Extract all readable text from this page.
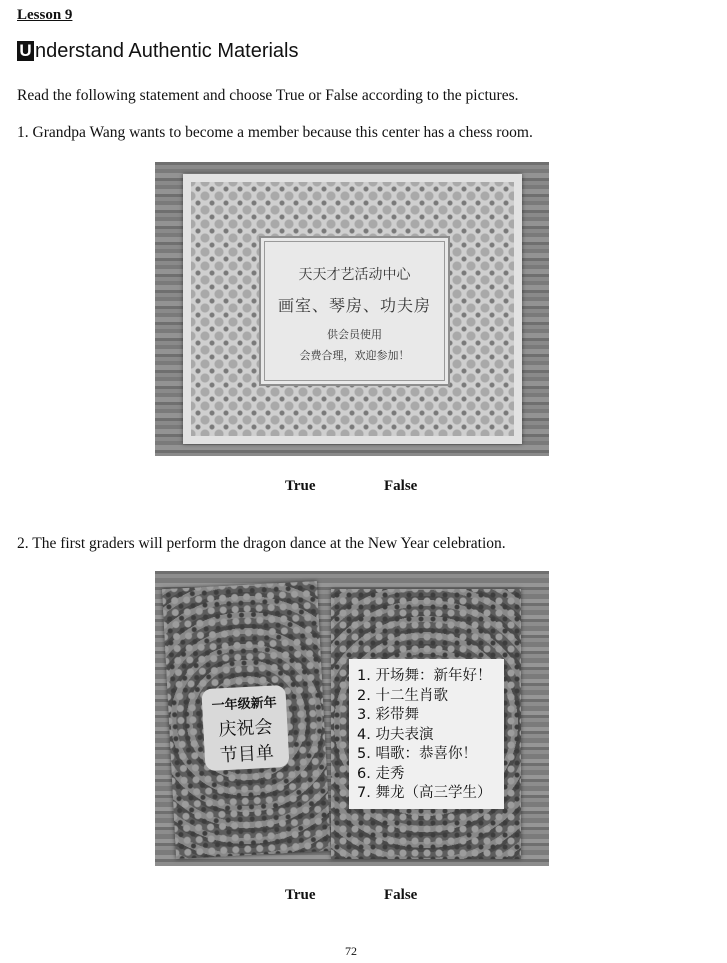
Lesson 9
U nderstand Authentic Materials
Read the following statement and choose True or False according to the pictures.
1. Grandpa Wang wants to become a member because this center has a chess room.
天天才艺活动中心
画室、琴房、功夫房
供会员使用
会费合理，欢迎参加！
True	False
2. The first graders will perform the dragon dance at the New Year celebration.
一年级新年
庆祝会
节目单
1. 开场舞：新年好！
2. 十二生肖歌
3. 彩带舞
4. 功夫表演
5. 唱歌：恭喜你！
6. 走秀
7. 舞龙（高三学生）
True	False
72
